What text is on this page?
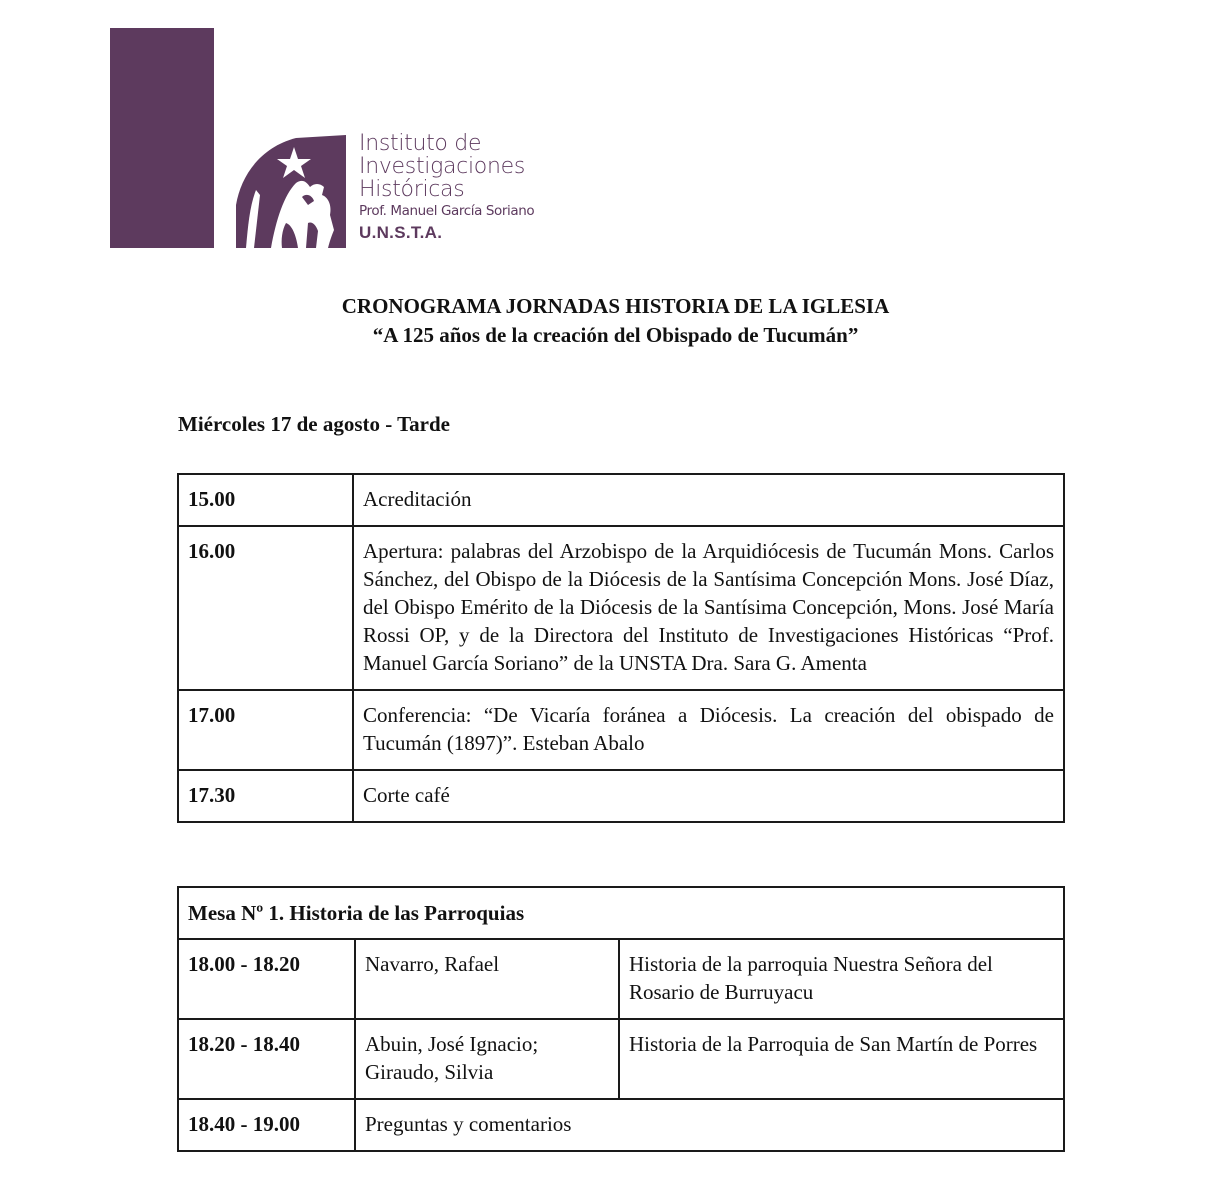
Instituto de
Investigaciones
Históricas
Prof. Manuel García Soriano
U.N.S.T.A.
CRONOGRAMA JORNADAS HISTORIA DE LA IGLESIA
“A 125 años de la creación del Obispado de Tucumán”
Miércoles 17 de agosto - Tarde
15.00	Acreditación
16.00	Apertura: palabras del Arzobispo de la Arquidiócesis de Tucumán Mons. Carlos Sánchez, del Obispo de la Diócesis de la Santísima Concepción Mons. José Díaz, del Obispo Emérito de la Diócesis de la Santísima Concepción, Mons. José María Rossi OP, y de la Directora del Instituto de Investigaciones Históricas “Prof. Manuel García Soriano” de la UNSTA Dra. Sara G. Amenta
17.00	Conferencia: “De Vicaría foránea a Diócesis. La creación del obispado de Tucumán (1897)”. Esteban Abalo
17.30	Corte café
Mesa Nº 1. Historia de las Parroquias		
18.00 - 18.20	Navarro, Rafael	Historia de la parroquia Nuestra Señora del Rosario de Burruyacu
18.20 - 18.40	Abuin, José Ignacio; Giraudo, Silvia	Historia de la Parroquia de San Martín de Porres
18.40 - 19.00	Preguntas y comentarios	
